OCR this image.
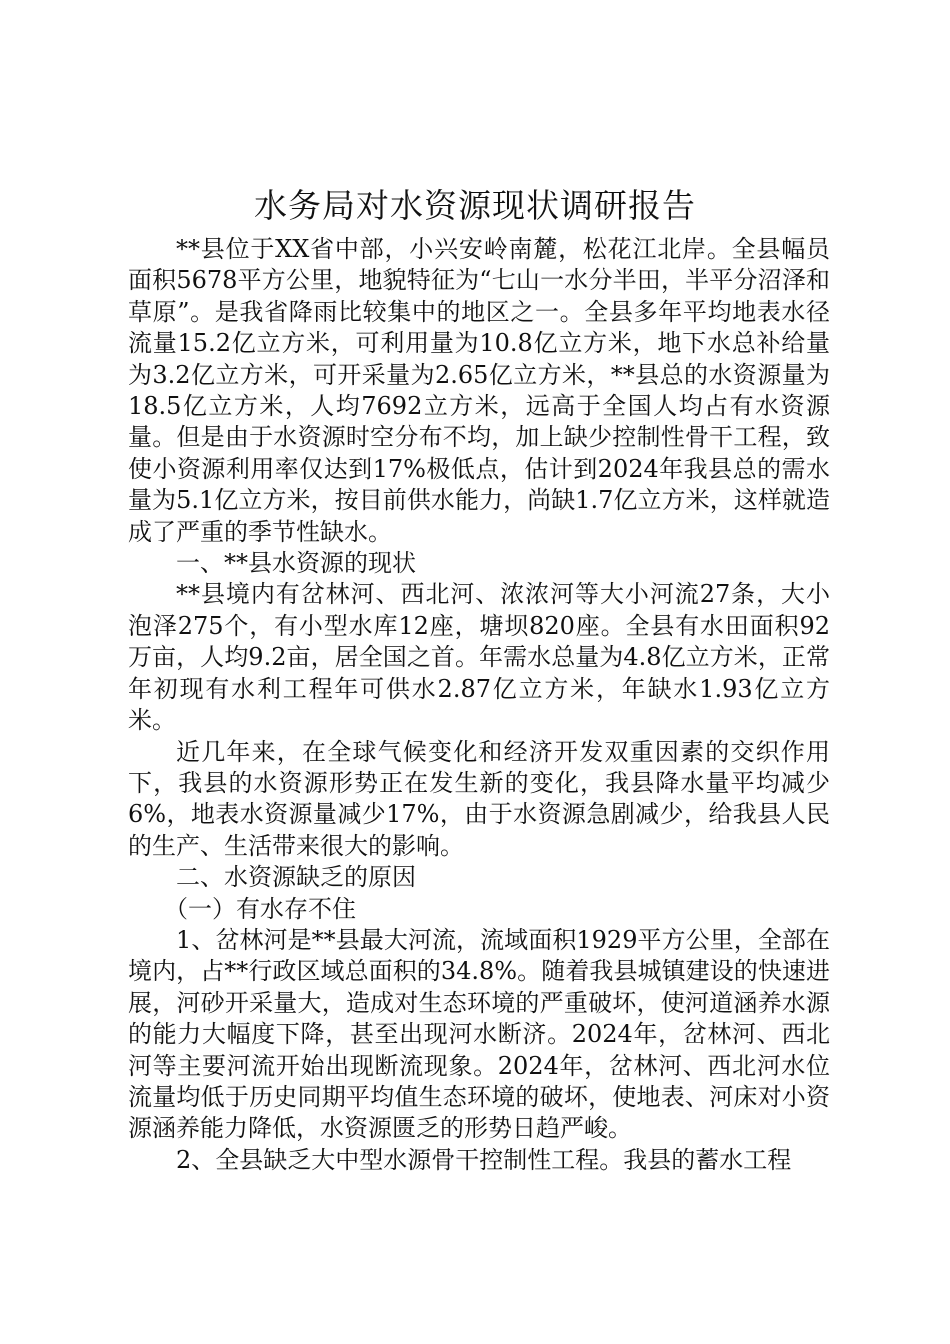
水务局对水资源现状调研报告

**县位于XX省中部，小兴安岭南麓，松花江北岸。全县幅员面积5678平方公里，地貌特征为“七山一水分半田，半平分沼泽和草原”。是我省降雨比较集中的地区之一。全县多年平均地表水径流量15.2亿立方米，可利用量为10.8亿立方米，地下水总补给量为3.2亿立方米，可开采量为2.65亿立方米，**县总的水资源量为18.5亿立方米，人均7692立方米，远高于全国人均占有水资源量。但是由于水资源时空分布不均，加上缺少控制性骨干工程，致使小资源利用率仅达到17%极低点，估计到2024年我县总的需水量为5.1亿立方米，按目前供水能力，尚缺1.7亿立方米，这样就造成了严重的季节性缺水。

一、**县水资源的现状

**县境内有岔林河、西北河、浓浓河等大小河流27条，大小泡泽275个，有小型水库12座，塘坝820座。全县有水田面积92万亩，人均9.2亩，居全国之首。年需水总量为4.8亿立方米，正常年初现有水利工程年可供水2.87亿立方米，年缺水1.93亿立方米。

近几年来，在全球气候变化和经济开发双重因素的交织作用下，我县的水资源形势正在发生新的变化，我县降水量平均减少6%，地表水资源量减少17%，由于水资源急剧减少，给我县人民的生产、生活带来很大的影响。

二、水资源缺乏的原因

（一）有水存不住

1、岔林河是**县最大河流，流域面积1929平方公里，全部在境内，占**行政区域总面积的34.8%。随着我县城镇建设的快速进展，河砂开采量大，造成对生态环境的严重破坏，使河道涵养水源的能力大幅度下降，甚至出现河水断济。2024年，岔林河、西北河等主要河流开始出现断流现象。2024年，岔林河、西北河水位流量均低于历史同期平均值生态环境的破坏，使地表、河床对小资源涵养能力降低，水资源匮乏的形势日趋严峻。

2、全县缺乏大中型水源骨干控制性工程。我县的蓄水工程
